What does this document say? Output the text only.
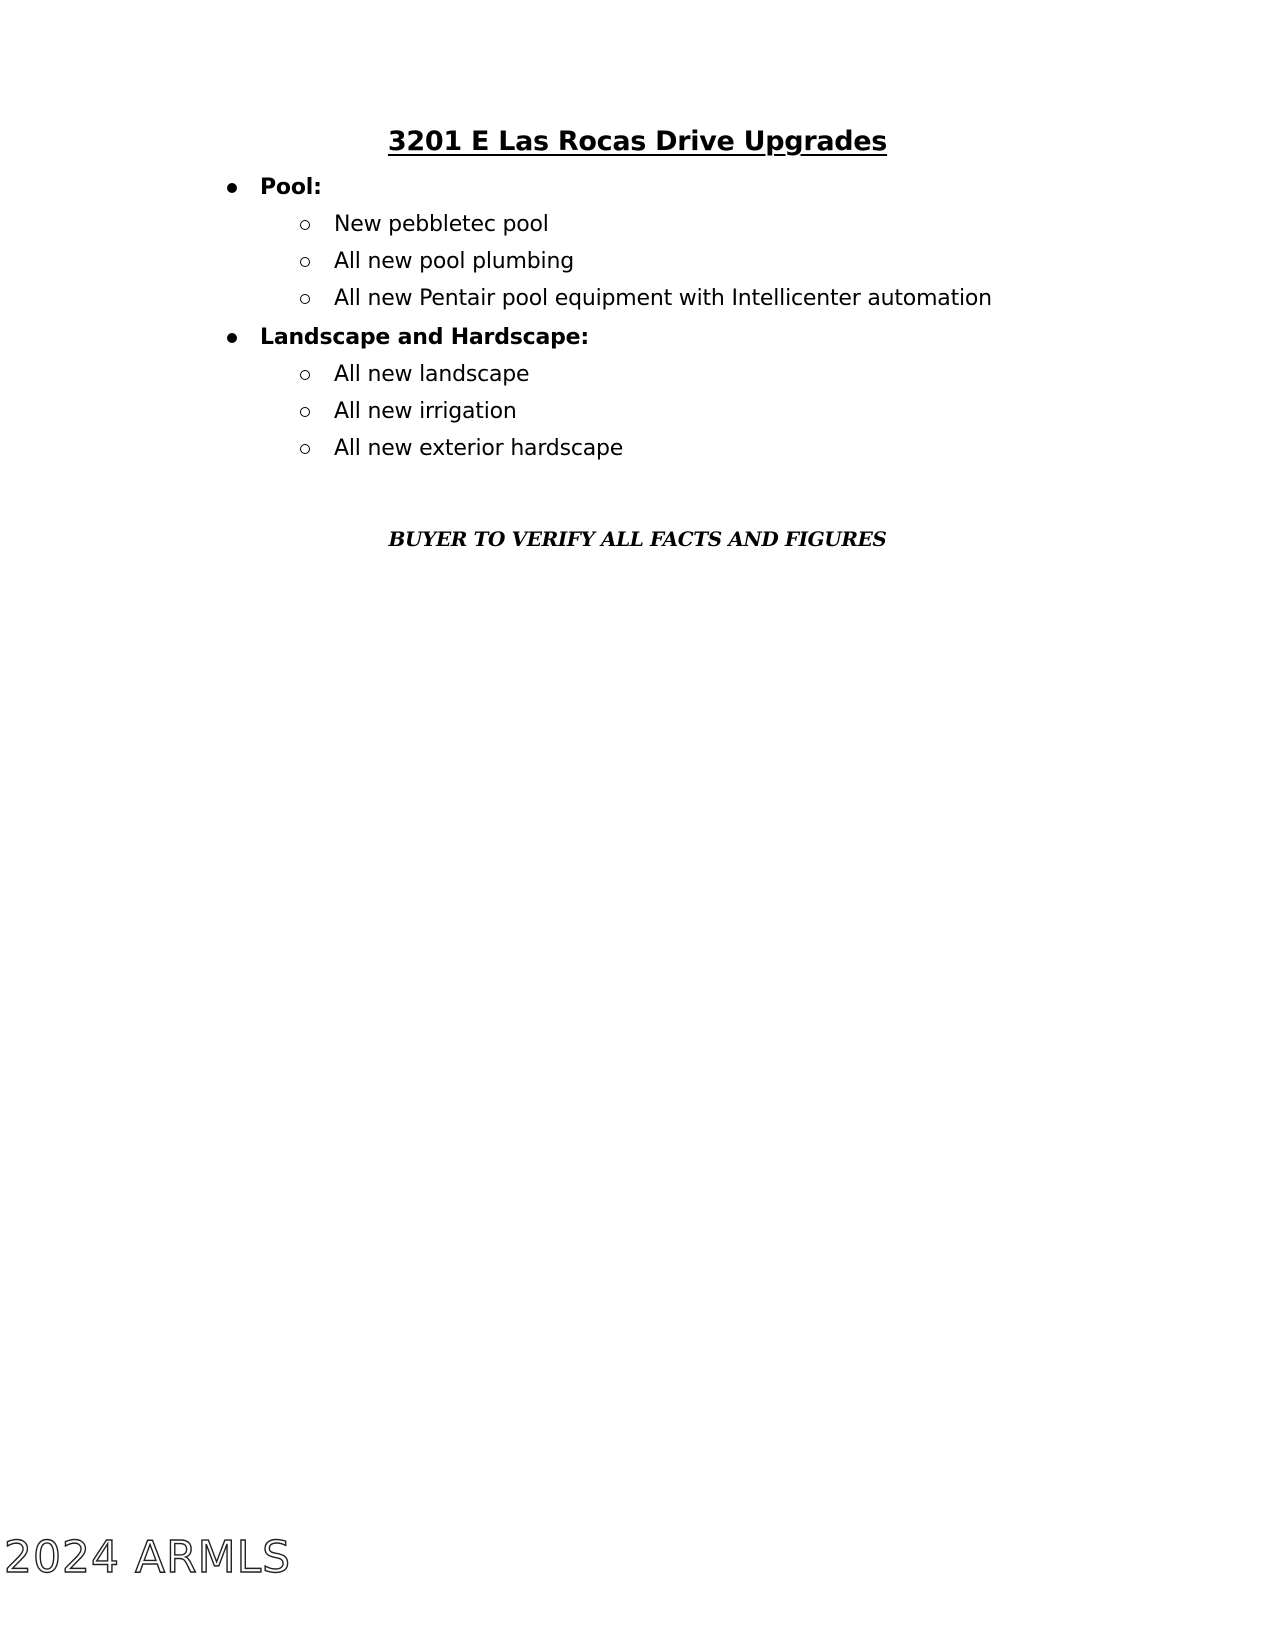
3201 E Las Rocas Drive Upgrades
Pool:
New pebbletec pool
All new pool plumbing
All new Pentair pool equipment with Intellicenter automation
Landscape and Hardscape:
All new landscape
All new irrigation
All new exterior hardscape
BUYER TO VERIFY ALL FACTS AND FIGURES
2024 ARMLS
